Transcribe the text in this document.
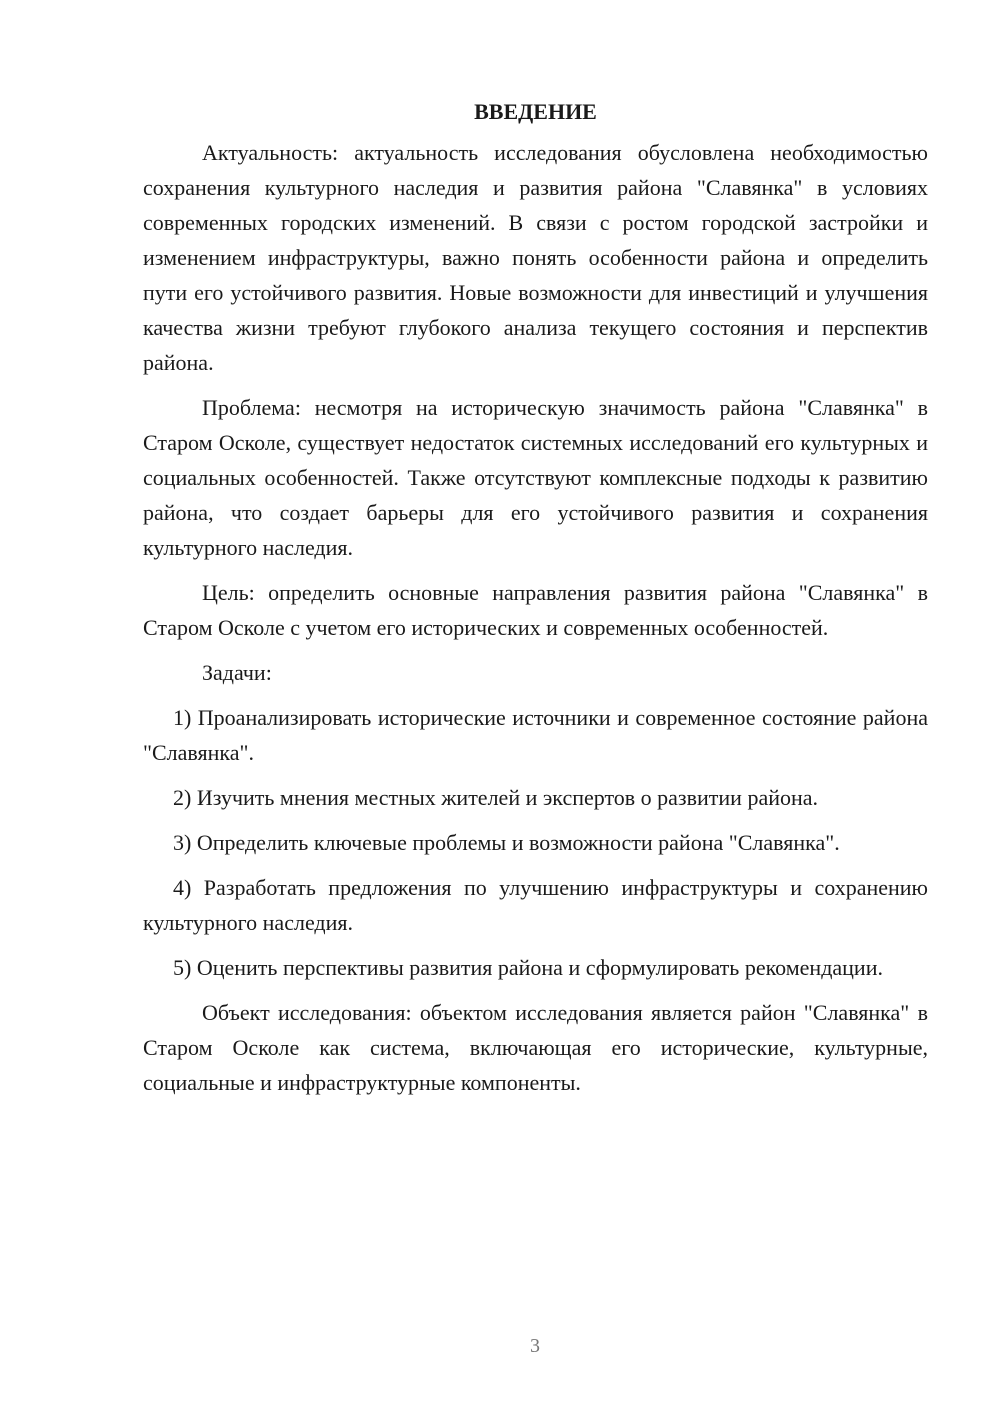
ВВЕДЕНИЕ

Актуальность: актуальность исследования обусловлена необходимостью сохранения культурного наследия и развития района "Славянка" в условиях современных городских изменений. В связи с ростом городской застройки и изменением инфраструктуры, важно понять особенности района и определить пути его устойчивого развития. Новые возможности для инвестиций и улучшения качества жизни требуют глубокого анализа текущего состояния и перспектив района.

Проблема: несмотря на историческую значимость района "Славянка" в Старом Осколе, существует недостаток системных исследований его культурных и социальных особенностей. Также отсутствуют комплексные подходы к развитию района, что создает барьеры для его устойчивого развития и сохранения культурного наследия.

Цель: определить основные направления развития района "Славянка" в Старом Осколе с учетом его исторических и современных особенностей.

Задачи:

1) Проанализировать исторические источники и современное состояние района "Славянка".

2) Изучить мнения местных жителей и экспертов о развитии района.

3) Определить ключевые проблемы и возможности района "Славянка".

4) Разработать предложения по улучшению инфраструктуры и сохранению культурного наследия.

5) Оценить перспективы развития района и сформулировать рекомендации.

Объект исследования: объектом исследования является район "Славянка" в Старом Осколе как система, включающая его исторические, культурные, социальные и инфраструктурные компоненты.

3
